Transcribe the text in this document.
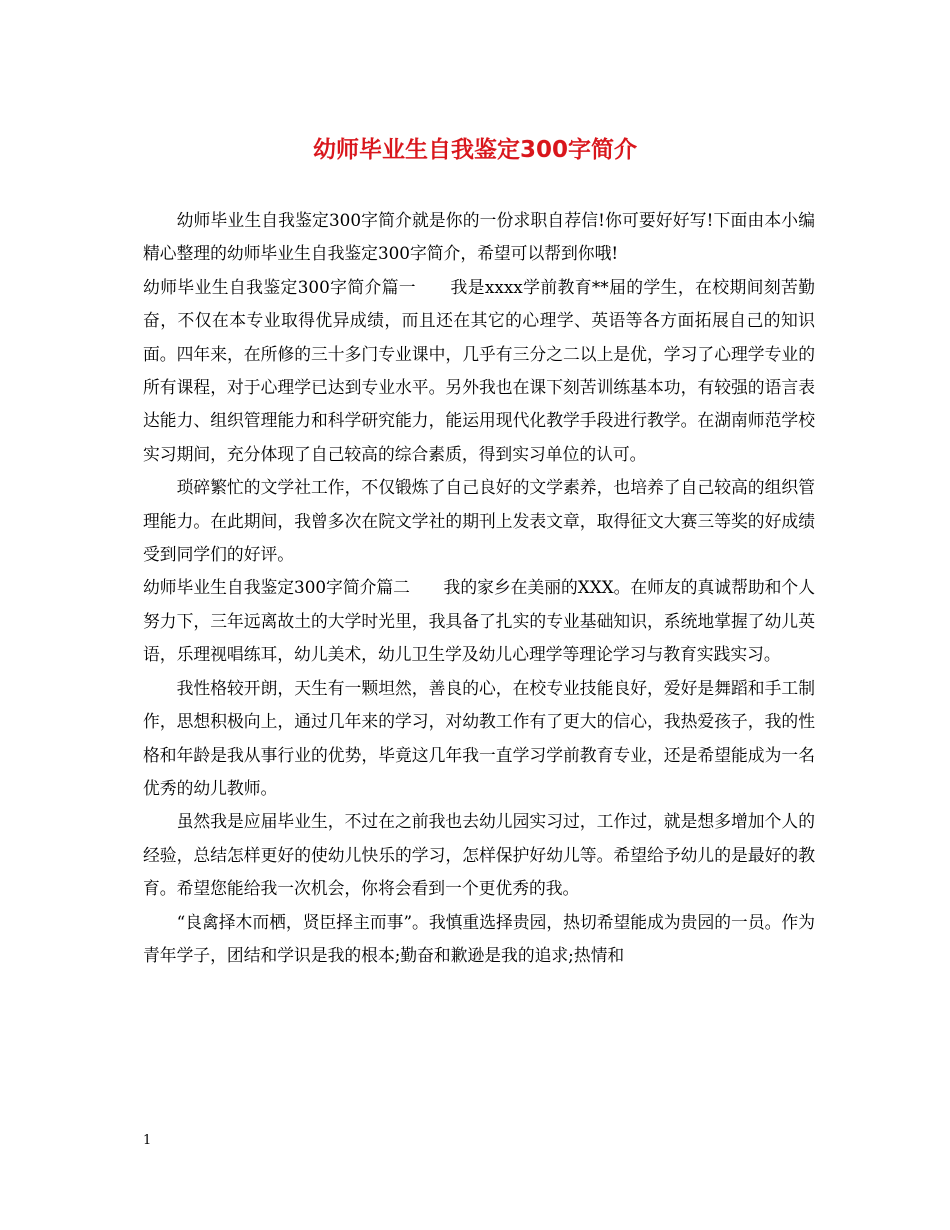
幼师毕业生自我鉴定300字简介

幼师毕业生自我鉴定300字简介就是你的一份求职自荐信!你可要好好写!下面由本小编精心整理的幼师毕业生自我鉴定300字简介，希望可以帮到你哦!

幼师毕业生自我鉴定300字简介篇一　　我是xxxx学前教育**届的学生，在校期间刻苦勤奋，不仅在本专业取得优异成绩，而且还在其它的心理学、英语等各方面拓展自己的知识面。四年来，在所修的三十多门专业课中，几乎有三分之二以上是优，学习了心理学专业的所有课程，对于心理学已达到专业水平。另外我也在课下刻苦训练基本功，有较强的语言表达能力、组织管理能力和科学研究能力，能运用现代化教学手段进行教学。在湖南师范学校实习期间，充分体现了自己较高的综合素质，得到实习单位的认可。

琐碎繁忙的文学社工作，不仅锻炼了自己良好的文学素养，也培养了自己较高的组织管理能力。在此期间，我曾多次在院文学社的期刊上发表文章，取得征文大赛三等奖的好成绩受到同学们的好评。

幼师毕业生自我鉴定300字简介篇二　　我的家乡在美丽的XXX。在师友的真诚帮助和个人努力下，三年远离故土的大学时光里，我具备了扎实的专业基础知识，系统地掌握了幼儿英语，乐理视唱练耳，幼儿美术，幼儿卫生学及幼儿心理学等理论学习与教育实践实习。

我性格较开朗，天生有一颗坦然，善良的心，在校专业技能良好，爱好是舞蹈和手工制作，思想积极向上，通过几年来的学习，对幼教工作有了更大的信心，我热爱孩子，我的性格和年龄是我从事行业的优势，毕竟这几年我一直学习学前教育专业，还是希望能成为一名优秀的幼儿教师。

虽然我是应届毕业生，不过在之前我也去幼儿园实习过，工作过，就是想多增加个人的经验，总结怎样更好的使幼儿快乐的学习，怎样保护好幼儿等。希望给予幼儿的是最好的教育。希望您能给我一次机会，你将会看到一个更优秀的我。

“良禽择木而栖，贤臣择主而事”。我慎重选择贵园，热切希望能成为贵园的一员。作为青年学子，团结和学识是我的根本;勤奋和歉逊是我的追求;热情和

1
